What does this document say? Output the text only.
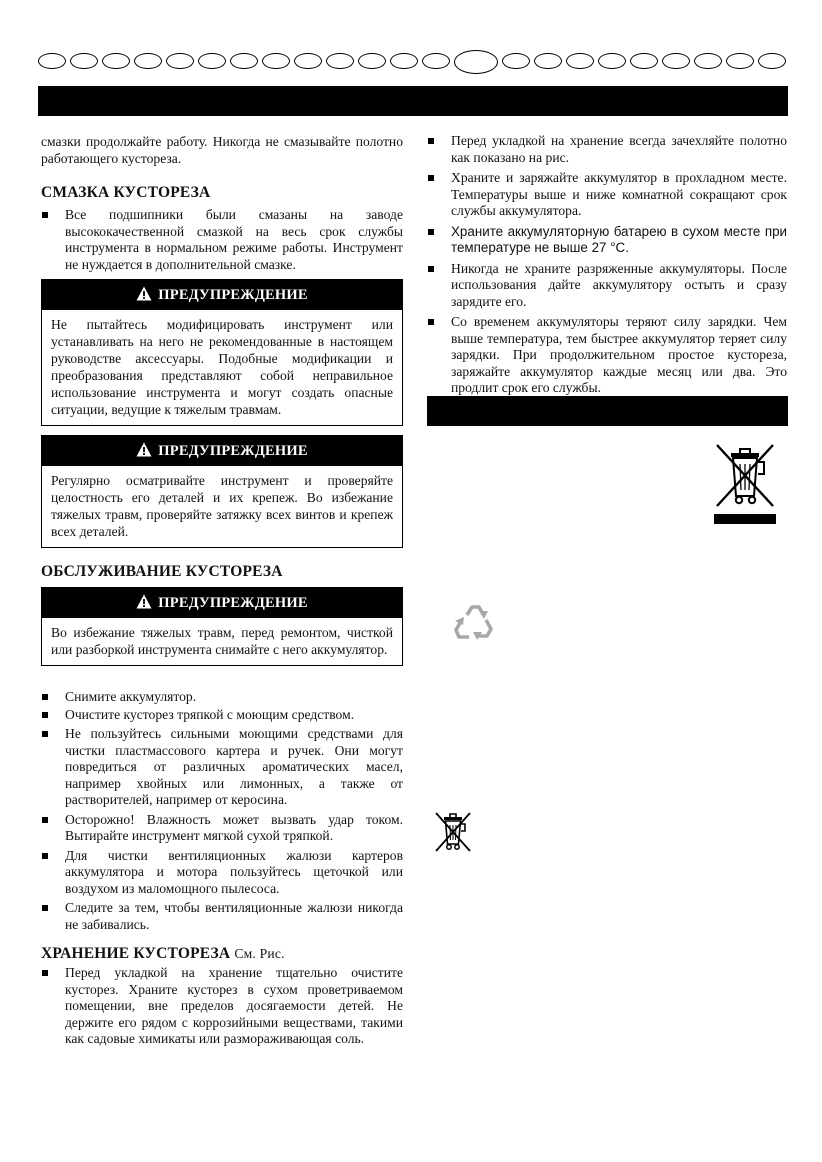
смазки продолжайте работу. Никогда не смазывайте полотно работающего кустореза.

СМАЗКА КУСТОРЕЗА

Все подшипники были смазаны на заводе высококачественной смазкой на весь срок службы инструмента в нормальном режиме работы. Инструмент не нуждается в дополнительной смазке.
ПРЕДУПРЕЖДЕНИЕ
Не пытайтесь модифицировать инструмент или устанавливать на него не рекомендованные в настоящем руководстве аксессуары. Подобные модификации и преобразования представляют собой неправильное использование инструмента и могут создать опасные ситуации, ведущие к тяжелым травмам.
ПРЕДУПРЕЖДЕНИЕ
Регулярно осматривайте инструмент и проверяйте целостность его деталей и их крепеж. Во избежание тяжелых травм, проверяйте затяжку всех винтов и крепеж всех деталей.

ОБСЛУЖИВАНИЕ КУСТОРЕЗА

ПРЕДУПРЕЖДЕНИЕ
Во избежание тяжелых травм, перед ремонтом, чисткой или разборкой инструмента снимайте с него аккумулятор.
Снимите аккумулятор.
Очистите кусторез тряпкой с моющим средством.
Не пользуйтесь сильными моющими средствами для чистки пластмассового картера и ручек. Они могут повредиться от различных ароматических масел, например хвойных или лимонных, а также от растворителей, например от керосина.
Осторожно! Влажность может вызвать удар током. Вытирайте инструмент мягкой сухой тряпкой.
Для чистки вентиляционных жалюзи картеров аккумулятора и мотора пользуйтесь щеточкой или воздухом из маломощного пылесоса.
Следите за тем, чтобы вентиляционные жалюзи никогда не забивались.

ХРАНЕНИЕ КУСТОРЕЗА См. Рис.

Перед укладкой на хранение тщательно очистите кусторез. Храните кусторез в сухом проветриваемом помещении, вне пределов досягаемости детей. Не держите его рядом с коррозийными веществами, такими как садовые химикаты или размораживающая соль.
Перед укладкой на хранение всегда зачехляйте полотно как показано на рис.
Храните и заряжайте аккумулятор в прохладном месте. Температуры выше и ниже комнатной сокращают срок службы аккумулятора.
Храните аккумуляторную батарею в сухом месте при температуре не выше 27 °C.
Никогда не храните разряженные аккумуляторы. После использования дайте аккумулятору остыть и сразу зарядите его.
Со временем аккумуляторы теряют силу зарядки. Чем выше температура, тем быстрее аккумулятор теряет силу зарядки. При продолжительном простое кустореза, заряжайте аккумулятор каждые месяц или два. Это продлит срок его службы.
